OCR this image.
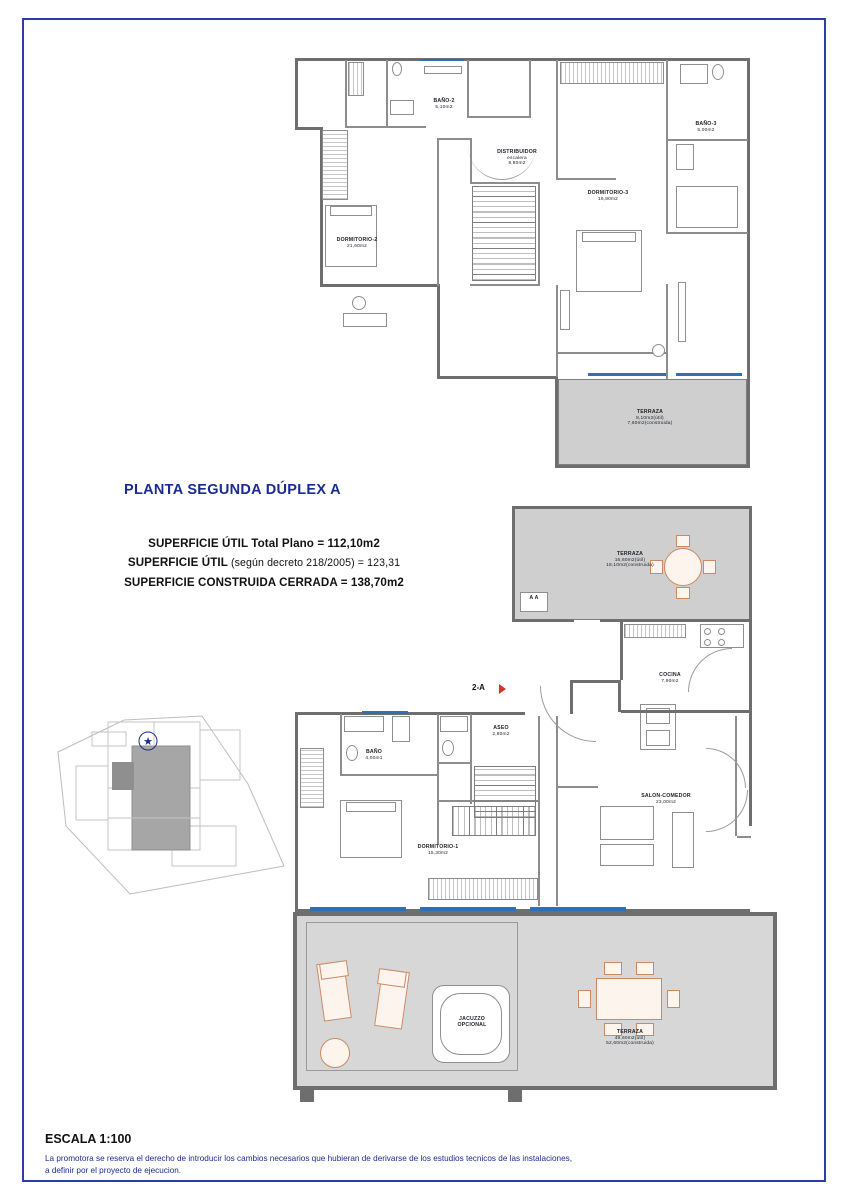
BAÑO-2
5,10m2
BAÑO-3
5,00m2
DISTRIBUIDOR
escalera
9,80m2
DORMITORIO-3
16,80m2
DORMITORIO-2
21,60m2
TERRAZA
8,10m2(útil)
7,60m2(construida)
PLANTA SEGUNDA DÚPLEX A
SUPERFICIE ÚTIL Total Plano = 112,10m2
SUPERFICIE ÚTIL (según decreto 218/2005) = 123,31
SUPERFICIE CONSTRUIDA CERRADA = 138,70m2
A A
2-A
TERRAZA
16,60m2(útil)
18,10m2(construida)
COCINA
7,90m2
ASEO
2,80m2
BAÑO
4,00m1
DORMITORIO-1
15,30m2
SALON-COMEDOR
23,00m2
TERRAZA
49,60m2(útil)
52,60m2(construida)
JACUZZO
OPCIONAL
★
ESCALA 1:100
La promotora se reserva el derecho de introducir los cambios necesarios que hubieran de derivarse de los estudios tecnicos de las instalaciones,
a definir por el proyecto de ejecucion.
